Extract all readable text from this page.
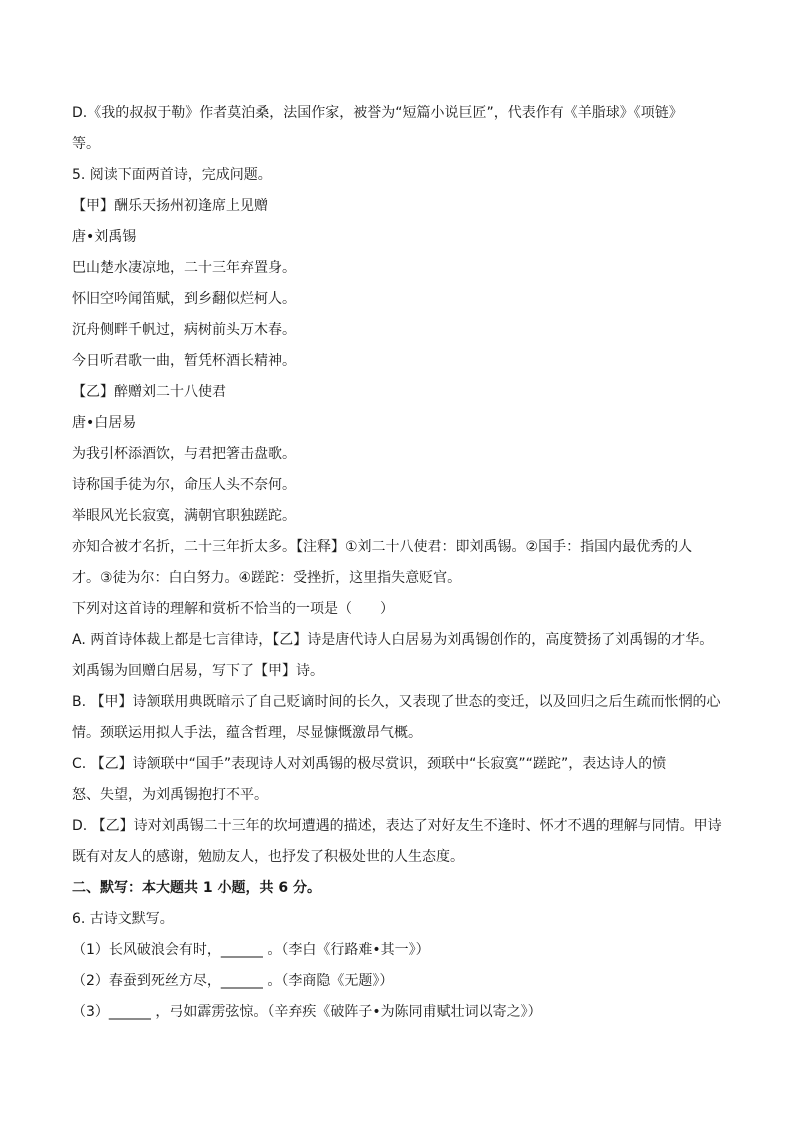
D.《我的叔叔于勒》作者莫泊桑，法国作家，被誉为“短篇小说巨匠”，代表作有《羊脂球》《项链》
等。
5. 阅读下面两首诗，完成问题。
【甲】酬乐天扬州初逢席上见赠
唐•刘禹锡
巴山楚水凄凉地，二十三年弃置身。
怀旧空吟闻笛赋，到乡翻似烂柯人。
沉舟侧畔千帆过，病树前头万木春。
今日听君歌一曲，暂凭杯酒长精神。
【乙】醉赠刘二十八使君
唐•白居易
为我引杯添酒饮，与君把箸击盘歌。
诗称国手徒为尔，命压人头不奈何。
举眼风光长寂寞，满朝官职独蹉跎。
亦知合被才名折，二十三年折太多。【注释】①刘二十八使君：即刘禹锡。②国手：指国内最优秀的人
才。③徒为尔：白白努力。④蹉跎：受挫折，这里指失意贬官。
下列对这首诗的理解和赏析不恰当的一项是（　　）
A. 两首诗体裁上都是七言律诗，【乙】诗是唐代诗人白居易为刘禹锡创作的，高度赞扬了刘禹锡的才华。
刘禹锡为回赠白居易，写下了【甲】诗。
B. 【甲】诗颔联用典既暗示了自己贬谪时间的长久，又表现了世态的变迁，以及回归之后生疏而怅惘的心
情。颈联运用拟人手法，蕴含哲理，尽显慷慨激昂气概。
C. 【乙】诗颔联中“国手”表现诗人对刘禹锡的极尽赏识，颈联中“长寂寞”“蹉跎”，表达诗人的愤
怒、失望，为刘禹锡抱打不平。
D. 【乙】诗对刘禹锡二十三年的坎坷遭遇的描述，表达了对好友生不逢时、怀才不遇的理解与同情。甲诗
既有对友人的感谢，勉励友人，也抒发了积极处世的人生态度。
二、默写：本大题共 1 小题，共 6 分。
6. 古诗文默写。
（1）长风破浪会有时，______ 。（李白《行路难•其一》）
（2）春蚕到死丝方尽，______ 。（李商隐《无题》）
（3）______ ，弓如霹雳弦惊。（辛弃疾《破阵子•为陈同甫赋壮词以寄之》）
